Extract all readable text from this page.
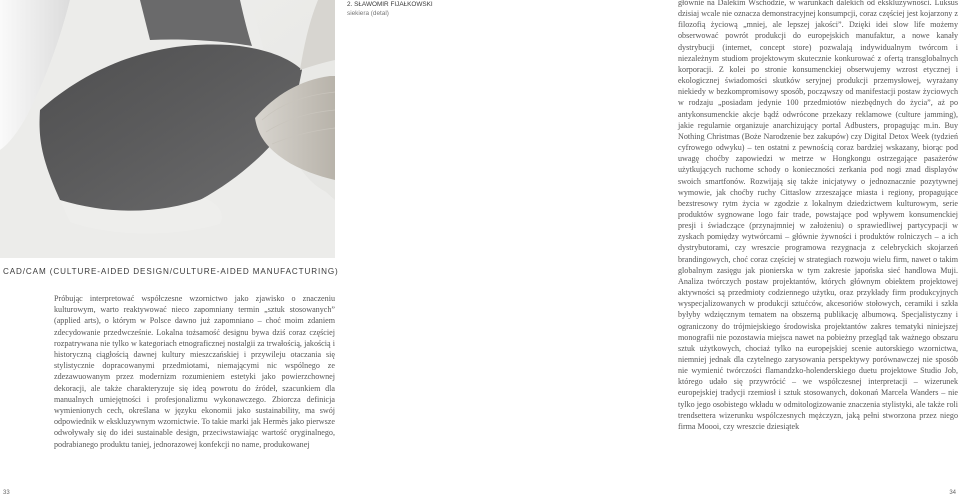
2. SŁAWOMIR FIJAŁKOWSKI
siekiera (detal)
CAD/CAM (CULTURE-AIDED DESIGN/CULTURE-AIDED MANUFACTURING)

Próbując interpretować współczesne wzornictwo jako zjawisko o znaczeniu kulturowym, warto reaktywować nieco zapomniany termin „sztuk stosowanych” (applied arts), o którym w Polsce dawno już zapomniano – choć moim zdaniem zdecydowanie przedwcześnie. Lokalna tożsamość designu bywa dziś coraz częściej rozpatrywana nie tylko w kategoriach etnograficznej nostalgii za trwałością, jakością i historyczną ciągłością dawnej kultury mieszczańskiej i przywileju otaczania się stylistycznie dopracowanymi przedmiotami, niemającymi nic wspólnego ze zdezawuowanym przez modernizm rozumieniem estetyki jako powierzchownej dekoracji, ale także charakteryzuje się ideą powrotu do źródeł, szacunkiem dla manualnych umiejętności i profesjonalizmu wykonawczego. Zbiorcza definicja wymienionych cech, określana w języku ekonomii jako sustainability, ma swój odpowiednik w ekskluzywnym wzornictwie. To takie marki jak Hermès jako pierwsze odwoływały się do idei sustainable design, przeciwstawiając wartość oryginalnego, podrabianego produktu taniej, jednorazowej konfekcji no name, produkowanej

głównie na Dalekim Wschodzie, w warunkach dalekich od ekskluzywności. Luksus dzisiaj wcale nie oznacza demonstracyjnej konsumpcji, coraz częściej jest kojarzony z filozofią życiową „mniej, ale lepszej jakości”. Dzięki idei slow life możemy obserwować powrót produkcji do europejskich manufaktur, a nowe kanały dystrybucji (internet, concept store) pozwalają indywidualnym twórcom i niezależnym studiom projektowym skutecznie konkurować z ofertą transglobalnych korporacji. Z kolei po stronie konsumenckiej obserwujemy wzrost etycznej i ekologicznej świadomości skutków seryjnej produkcji przemysłowej, wyrażany niekiedy w bezkompromisowy sposób, począwszy od manifestacji postaw życiowych w rodzaju „posiadam jedynie 100 przedmiotów niezbędnych do życia”, aż po antykonsumenckie akcje bądź odwrócone przekazy reklamowe (culture jamming), jakie regularnie organizuje anarchizujący portal Adbusters, propagując m.in. Buy Nothing Christmas (Boże Narodzenie bez zakupów) czy Digital Detox Week (tydzień cyfrowego odwyku) – ten ostatni z pewnością coraz bardziej wskazany, biorąc pod uwagę choćby zapowiedzi w metrze w Hongkongu ostrzegające pasażerów użytkujących ruchome schody o konieczności zerkania pod nogi znad displayów swoich smartfonów. Rozwijają się także inicjatywy o jednoznacznie pozytywnej wymowie, jak choćby ruchy Cittaslow zrzeszające miasta i regiony, propagujące bezstresowy rytm życia w zgodzie z lokalnym dziedzictwem kulturowym, serie produktów sygnowane logo fair trade, powstające pod wpływem konsumenckiej presji i świadczące (przynajmniej w założeniu) o sprawiedliwej partycypacji w zyskach pomiędzy wytwórcami – głównie żywności i produktów rolniczych – a ich dystrybutorami, czy wreszcie programowa rezygnacja z celebryckich skojarzeń brandingowych, choć coraz częściej w strategiach rozwoju wielu firm, nawet o takim globalnym zasięgu jak pionierska w tym zakresie japońska sieć handlowa Muji. Analiza twórczych postaw projektantów, których głównym obiektem projektowej aktywności są przedmioty codziennego użytku, oraz przykłady firm produkcyjnych wyspecjalizowanych w produkcji sztućców, akcesoriów stołowych, ceramiki i szkła byłyby wdzięcznym tematem na obszerną publikację albumową. Specjalistyczny i ograniczony do trójmiejskiego środowiska projektantów zakres tematyki niniejszej monografii nie pozostawia miejsca nawet na pobieżny przegląd tak ważnego obszaru sztuk użytkowych, chociaż tylko na europejskiej scenie autorskiego wzornictwa, niemniej jednak dla czytelnego zarysowania perspektywy porównawczej nie sposób nie wymienić twórczości flamandzko-holenderskiego duetu projektowe Studio Job, którego udało się przywrócić – we współczesnej interpretacji – wizerunek europejskiej tradycji rzemiosł i sztuk stosowanych, dokonań Marcela Wanders – nie tylko jego osobistego wkładu w odmitologizowanie znaczenia stylistyki, ale także roli trendsettera wizerunku wspólczesnych mężczyzn, jaką pełni stworzona przez niego firma Moooi, czy wreszcie dziesiątek

33	34
